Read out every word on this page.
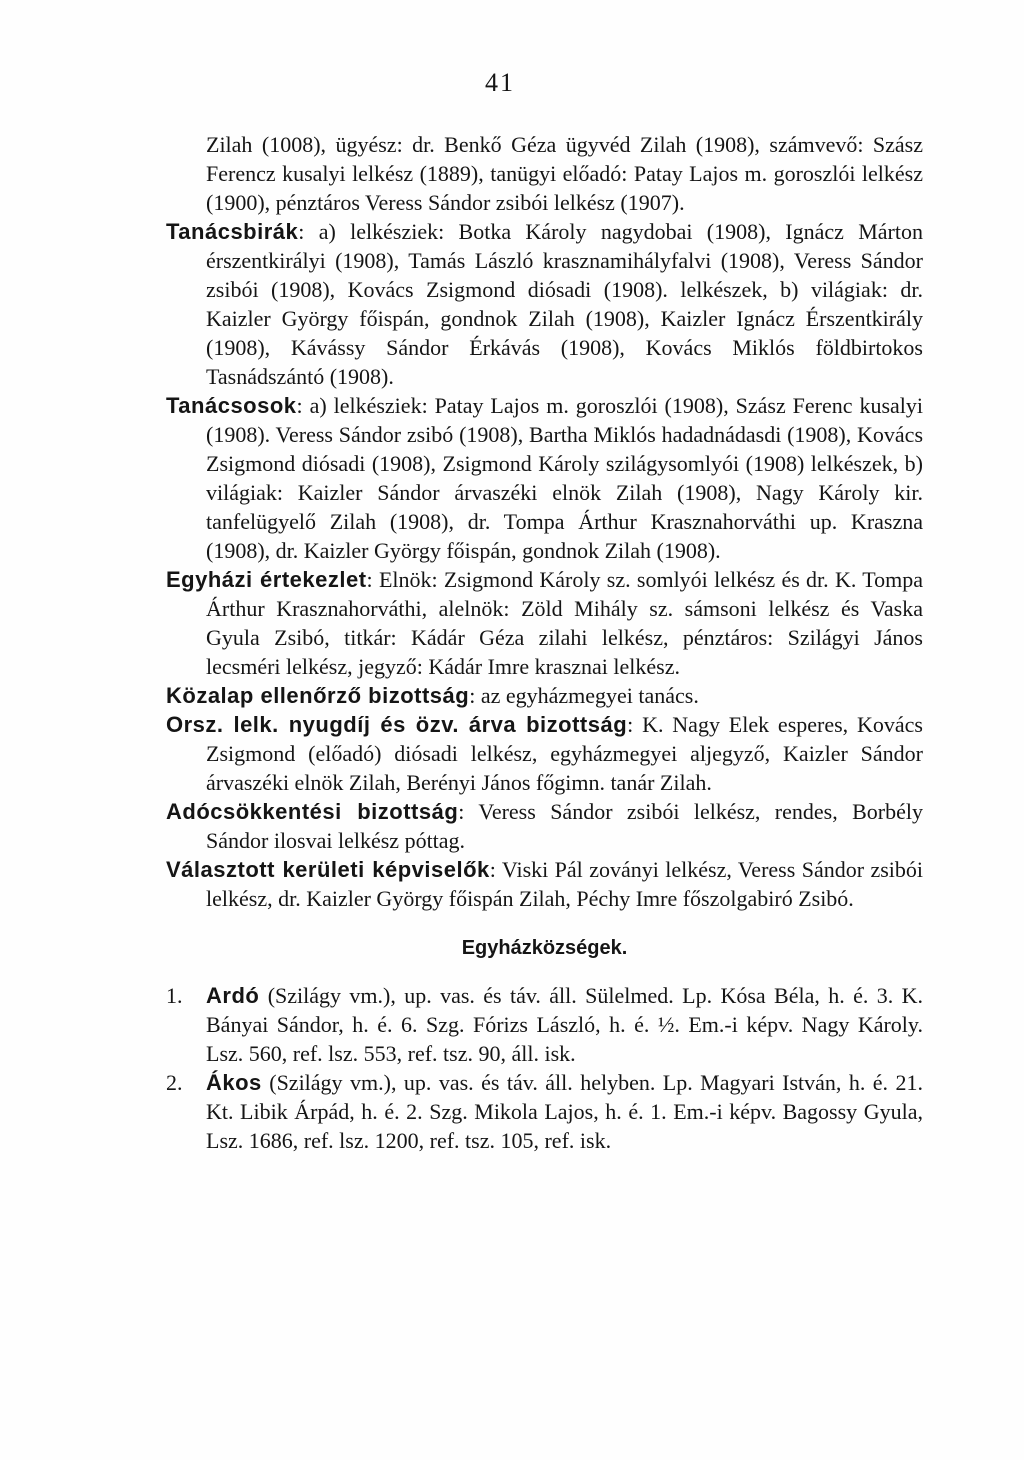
41

Zilah (1008), ügyész: dr. Benkő Géza ügyvéd Zilah (1908), számvevő: Szász Ferencz kusalyi lelkész (1889), tanügyi előadó: Patay Lajos m. goroszlói lelkész (1900), pénztáros Veress Sándor zsibói lelkész (1907).

Tanácsbirák: a) lelkésziek: Botka Károly nagydobai (1908), Ignácz Márton érszentkirályi (1908), Tamás László krasznamihályfalvi (1908), Veress Sándor zsibói (1908), Kovács Zsigmond diósadi (1908). lelkészek, b) világiak: dr. Kaizler György főispán, gondnok Zilah (1908), Kaizler Ignácz Érszentkirály (1908), Kávássy Sándor Érkávás (1908), Kovács Miklós földbirtokos Tasnádszántó (1908).

Tanácsosok: a) lelkésziek: Patay Lajos m. goroszlói (1908), Szász Ferenc kusalyi (1908). Veress Sándor zsibó (1908), Bartha Miklós hadadnádasdi (1908), Kovács Zsigmond diósadi (1908), Zsigmond Károly szilágysomlyói (1908) lelkészek, b) világiak: Kaizler Sándor árvaszéki elnök Zilah (1908), Nagy Károly kir. tanfelügyelő Zilah (1908), dr. Tompa Árthur Krasznahorváthi up. Kraszna (1908), dr. Kaizler György főispán, gondnok Zilah (1908).

Egyházi értekezlet: Elnök: Zsigmond Károly sz. somlyói lelkész és dr. K. Tompa Árthur Krasznahorváthi, alelnök: Zöld Mihály sz. sámsoni lelkész és Vaska Gyula Zsibó, titkár: Kádár Géza zilahi lelkész, pénztáros: Szilágyi János lecsméri lelkész, jegyző: Kádár Imre krasznai lelkész.

Közalap ellenőrző bizottság: az egyházmegyei tanács.

Orsz. lelk. nyugdíj és özv. árva bizottság: K. Nagy Elek esperes, Kovács Zsigmond (előadó) diósadi lelkész, egyházmegyei aljegyző, Kaizler Sándor árvaszéki elnök Zilah, Berényi János főgimn. tanár Zilah.

Adócsökkentési bizottság: Veress Sándor zsibói lelkész, rendes, Borbély Sándor ilosvai lelkész póttag.

Választott kerületi képviselők: Viski Pál zoványi lelkész, Veress Sándor zsibói lelkész, dr. Kaizler György főispán Zilah, Péchy Imre főszolgabiró Zsibó.

Egyházközségek.

1. Ardó (Szilágy vm.), up. vas. és táv. áll. Sülelmed. Lp. Kósa Béla, h. é. 3. K. Bányai Sándor, h. é. 6. Szg. Fórizs László, h. é. ½. Em.-i képv. Nagy Károly. Lsz. 560, ref. lsz. 553, ref. tsz. 90, áll. isk.

2. Ákos (Szilágy vm.), up. vas. és táv. áll. helyben. Lp. Magyari István, h. é. 21. Kt. Libik Árpád, h. é. 2. Szg. Mikola Lajos, h. é. 1. Em.-i képv. Bagossy Gyula, Lsz. 1686, ref. lsz. 1200, ref. tsz. 105, ref. isk.
